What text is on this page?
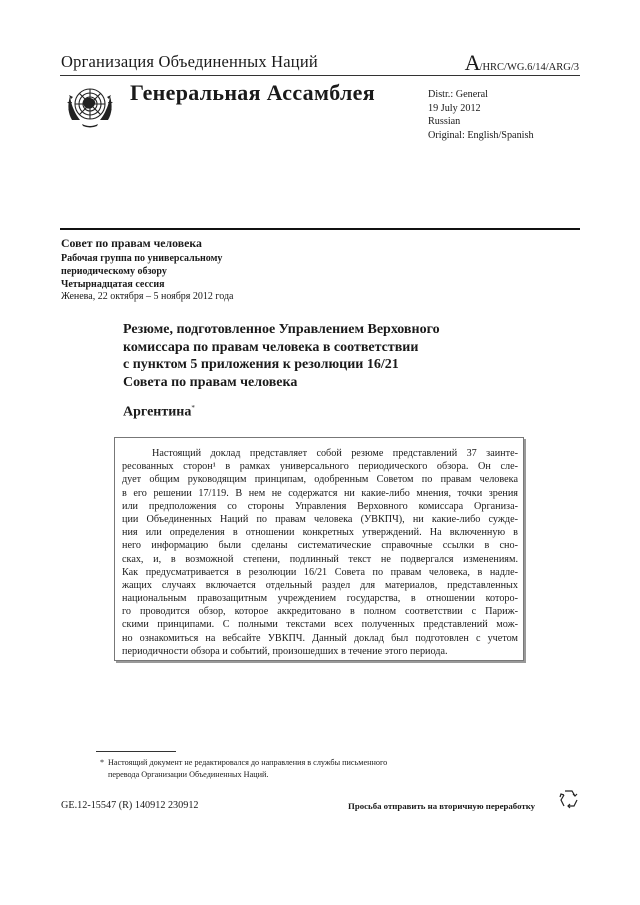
Организация Объединенных Наций	A/HRC/WG.6/14/ARG/3
Генеральная Ассамблея	Distr.: General
19 July 2012
Russian
Original: English/Spanish
Совет по правам человека
Рабочая группа по универсальному
периодическому обзору
Четырнадцатая сессия
Женева, 22 октября – 5 ноября 2012 года
Резюме, подготовленное Управлением Верховного
комиссара по правам человека в соответствии
с пунктом 5 приложения к резолюции 16/21
Совета по правам человека
Аргентина*
Настоящий доклад представляет собой резюме представлений 37 заинте-
ресованных сторон¹ в рамках универсального периодического обзора. Он сле-
дует общим руководящим принципам, одобренным Советом по правам человека
в его решении 17/119. В нем не содержатся ни какие-либо мнения, точки зрения
или предположения со стороны Управления Верховного комиссара Организа-
ции Объединенных Наций по правам человека (УВКПЧ), ни какие-либо сужде-
ния или определения в отношении конкретных утверждений. На включенную в
него информацию были сделаны систематические справочные ссылки в сно-
сках, и, в возможной степени, подлинный текст не подвергался изменениям.
Как предусматривается в резолюции 16/21 Совета по правам человека, в надле-
жащих случаях включается отдельный раздел для материалов, представленных
национальным правозащитным учреждением государства, в отношении которо-
го проводится обзор, которое аккредитовано в полном соответствии с Париж-
скими принципами. С полными текстами всех полученных представлений мож-
но ознакомиться на вебсайте УВКПЧ. Данный доклад был подготовлен с учетом
периодичности обзора и событий, произошедших в течение этого периода.
* Настоящий документ не редактировался до направления в службы письменного
перевода Организации Объединенных Наций.
GE.12-15547 (R) 140912 230912	Просьба отправить на вторичную переработку
